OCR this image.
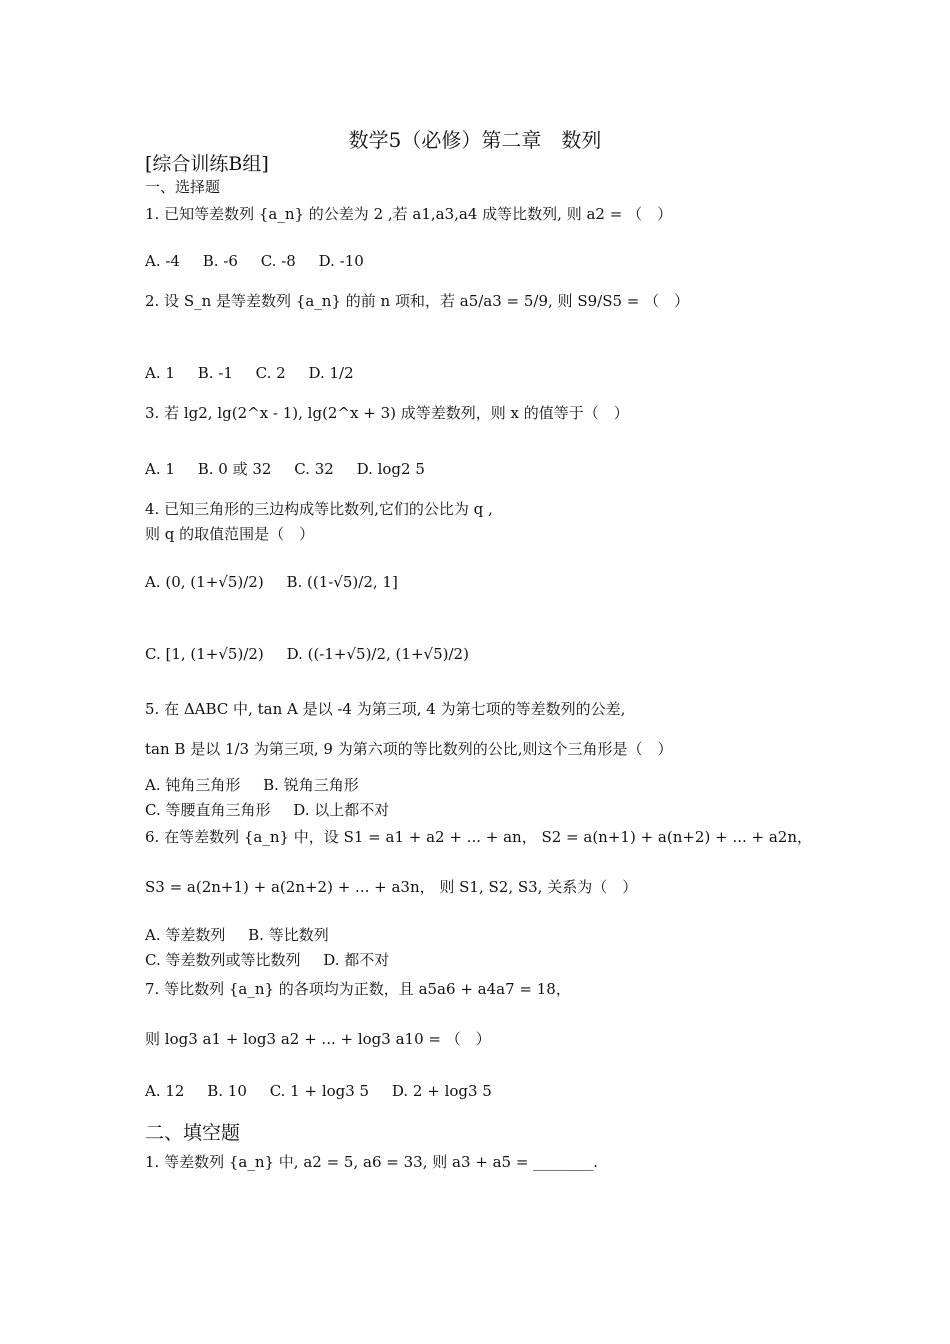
数学5（必修）第二章　数列
[综合训练B组]
一、选择题
1. 已知等差数列 {a_n} 的公差为 2 ,若 a1,a3,a4 成等比数列, 则 a2 = （　）
A. -4 B. -6 C. -8 D. -10
2. 设 S_n 是等差数列 {a_n} 的前 n 项和，若 a5/a3 = 5/9, 则 S9/S5 = （　）
A. 1 B. -1 C. 2 D. 1/2
3. 若 lg2, lg(2^x - 1), lg(2^x + 3) 成等差数列，则 x 的值等于（　）
A. 1 B. 0 或 32 C. 32 D. log2 5
4. 已知三角形的三边构成等比数列,它们的公比为 q ,
则 q 的取值范围是（　）
A. (0, (1+√5)/2) B. ((1-√5)/2, 1]
C. [1, (1+√5)/2) D. ((-1+√5)/2, (1+√5)/2)
5. 在 ΔABC 中, tan A 是以 -4 为第三项, 4 为第七项的等差数列的公差,
tan B 是以 1/3 为第三项, 9 为第六项的等比数列的公比,则这个三角形是（　）
A. 钝角三角形 B. 锐角三角形
C. 等腰直角三角形 D. 以上都不对
6. 在等差数列 {a_n} 中，设 S1 = a1 + a2 + ... + an， S2 = a(n+1) + a(n+2) + ... + a2n，
S3 = a(2n+1) + a(2n+2) + ... + a3n， 则 S1, S2, S3, 关系为（　）
A. 等差数列 B. 等比数列
C. 等差数列或等比数列 D. 都不对
7. 等比数列 {a_n} 的各项均为正数，且 a5a6 + a4a7 = 18，
则 log3 a1 + log3 a2 + ... + log3 a10 = （　）
A. 12 B. 10 C. 1 + log3 5 D. 2 + log3 5
二、填空题
1. 等差数列 {a_n} 中, a2 = 5, a6 = 33, 则 a3 + a5 = ________.
